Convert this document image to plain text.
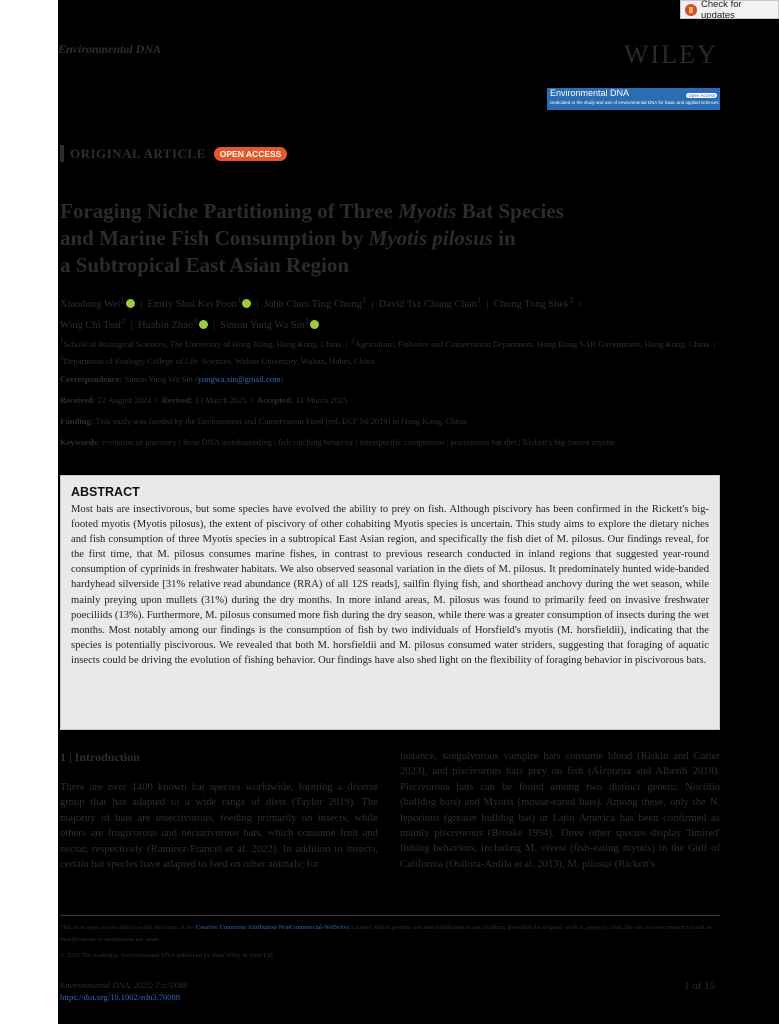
Check for updates
Environmental DNA	WILEY
Environmental DNA	Open Access
Dedicated to the study and use of environmental DNA for basic and applied sciences
ORIGINAL ARTICLE	OPEN ACCESS
Foraging Niche Partitioning of Three Myotis Bat Species
and Marine Fish Consumption by Myotis pilosus in
a Subtropical East Asian Region
Xiaodong Wei$^1$  |  Emily Shui Kei Poon$^1$  |  John Chun Ting Chung$^2$  |  David Tsz Chung Chan$^1$  |  Chung Tong Shek$^2$  |
Wing Chi Tsui$^2$  |  Huabin Zhao$^3$  |  Simon Yung Wa Sin$^1$
$^1$School of Biological Sciences, The University of Hong Kong, Hong Kong, China  |  $^2$Agriculture, Fisheries and Conservation Department, Hong Kong SAR Government, Hong Kong, China  |  $^3$Department of Ecology, College of Life Sciences, Wuhan University, Wuhan, Hubei, China
Correspondence: Simon Yung Wa Sin (yungwa.sin@gmail.com)
Received: 22 August 2024  |  Revised: 13 March 2025  |  Accepted: 31 March 2025
Funding: This study was funded by the Environment and Conservation Fund (ref. ECF 94/2019) in Hong Kong, China.
Keywords: evolution of piscivory | fecal DNA metabarcoding | fish catching behavior | interspecific competition | piscivorous bat diet | Rickett's big-footed myotis
ABSTRACT

Most bats are insectivorous, but some species have evolved the ability to prey on fish. Although piscivory has been confirmed in the Rickett's big-footed myotis (Myotis pilosus), the extent of piscivory of other cohabiting Myotis species is uncertain. This study aims to explore the dietary niches and fish consumption of three Myotis species in a subtropical East Asian region, and specifically the fish diet of M. pilosus. Our findings reveal, for the first time, that M. pilosus consumes marine fishes, in contrast to previous research conducted in inland regions that suggested year-round consumption of cyprinids in freshwater habitats. We also observed seasonal variation in the diets of M. pilosus. It predominately hunted wide-banded hardyhead silverside [31% relative read abundance (RRA) of all 12S reads], sailfin flying fish, and shorthead anchovy during the wet season, while mainly preying upon mullets (31%) during the dry months. In more inland areas, M. pilosus was found to primarily feed on invasive freshwater poeciliids (13%). Furthermore, M. pilosus consumed more fish during the dry season, while there was a greater consumption of insects during the wet months. Most notably among our findings is the consumption of fish by two individuals of Horsfield's myotis (M. horsfieldii), indicating that the species is potentially piscivorous. We revealed that both M. horsfieldii and M. pilosus consumed water striders, suggesting that foraging of aquatic insects could be driving the evolution of fishing behavior. Our findings have also shed light on the flexibility of foraging behavior in piscivorous bats.

1 | Introduction
There are over 1400 known bat species worldwide, forming a diverse group that has adapted to a wide range of diets (Taylor 2019). The majority of bats are insectivorous, feeding primarily on insects, while others are frugivorous and nectarivorous bats, which consume fruit and nectar, respectively (Ramírez-Fráncel et al. 2022). In addition to insects, certain bat species have adapted to feed on other animals; for
instance, sanguivorous vampire bats consume blood (Riskin and Carter 2023), and piscivorous bats prey on fish (Aizpurua and Alberdi 2018). Piscivorous bats can be found among two distinct genera: Noctilio (bulldog bats) and Myotis (mouse-eared bats). Among these, only the N. leporinus (greater bulldog bat) in Latin America has been confirmed as mainly piscivorous (Brooke 1994). Three other species display 'limited' fishing behaviors, including M. vivesi (fish-eating myotis) in the Gulf of California (Otálora-Ardila et al. 2013), M. pilosus (Rickett's
This is an open access article under the terms of the Creative Commons Attribution-NonCommercial-NoDerivs License, which permits use and distribution in any medium, provided the original work is properly cited, the use is non-commercial and no modifications or adaptations are made.
© 2025 The Author(s). Environmental DNA published by John Wiley & Sons Ltd.
Environmental DNA, 2025; 7:e70088
https://doi.org/10.1002/edn3.70088
1 of 15
